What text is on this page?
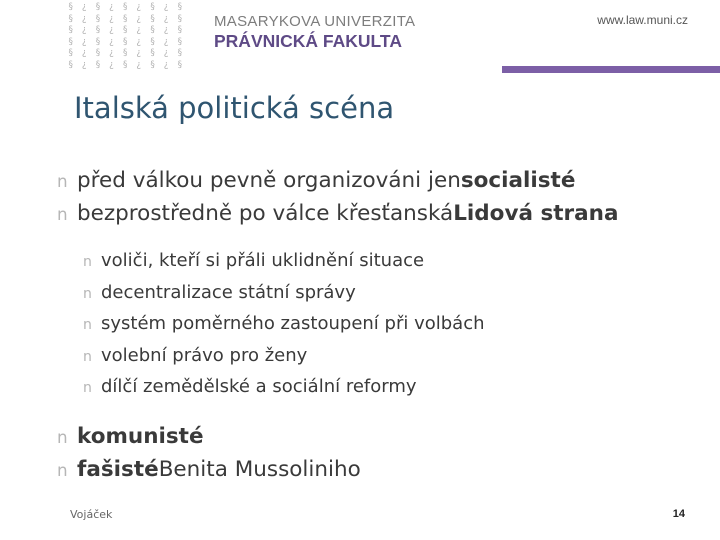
§ ¿ § ¿ § ¿ § ¿ §
§ ¿ § ¿ § ¿ § ¿ §
§ ¿ § ¿ § ¿ § ¿ §
§ ¿ § ¿ § ¿ § ¿ §
§ ¿ § ¿ § ¿ § ¿ §
§ ¿ § ¿ § ¿ § ¿ §
MASARYKOVA UNIVERZITA
PRÁVNICKÁ FAKULTA
www.law.muni.cz
Italská politická scéna
n před válkou pevně organizováni jen socialisté
n bezprostředně po válce křesťanská Lidová strana
n voliči, kteří si přáli uklidnění situace
n decentralizace státní správy
n systém poměrného zastoupení při volbách
n volební právo pro ženy
n dílčí zemědělské a sociální reformy
n komunisté
n fašisté Benita Mussoliniho
Vojáček	14
